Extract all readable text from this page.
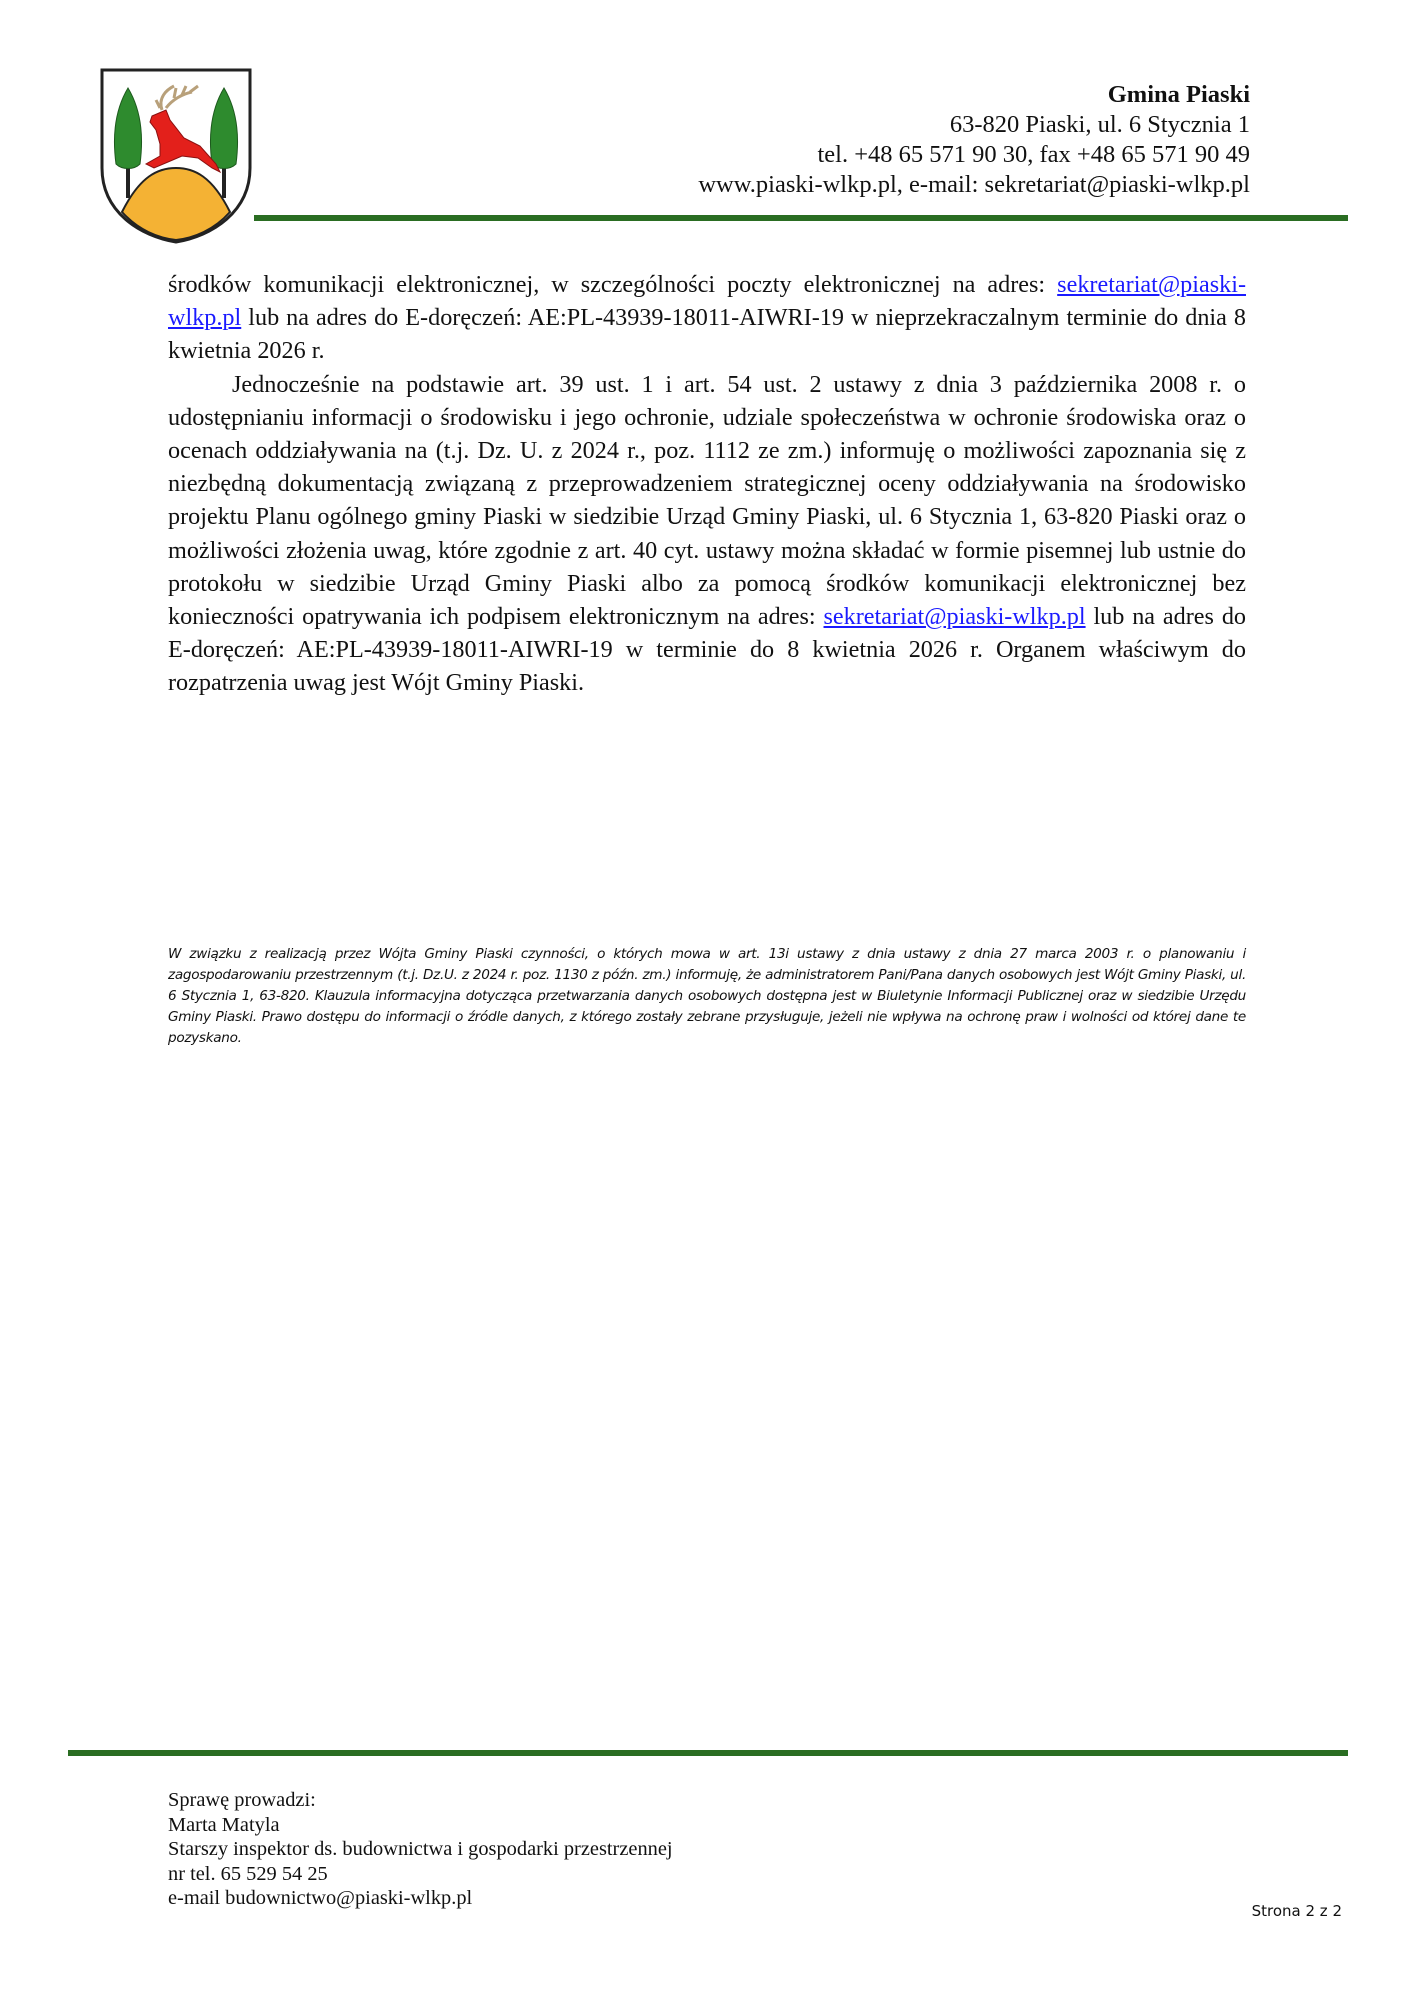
Gmina Piaski
63-820 Piaski, ul. 6 Stycznia 1
tel. +48 65 571 90 30, fax +48 65 571 90 49
www.piaski-wlkp.pl, e-mail: sekretariat@piaski-wlkp.pl

środków komunikacji elektronicznej, w szczególności poczty elektronicznej na adres: sekretariat@piaski-wlkp.pl lub na adres do E-doręczeń: AE:PL-43939-18011-AIWRI-19 w nieprzekraczalnym terminie do dnia 8 kwietnia 2026 r.

Jednocześnie na podstawie art. 39 ust. 1 i art. 54 ust. 2 ustawy z dnia 3 października 2008 r. o udostępnianiu informacji o środowisku i jego ochronie, udziale społeczeństwa w ochronie środowiska oraz o ocenach oddziaływania na (t.j. Dz. U. z 2024 r., poz. 1112 ze zm.) informuję o możliwości zapoznania się z niezbędną dokumentacją związaną z przeprowadzeniem strategicznej oceny oddziaływania na środowisko projektu Planu ogólnego gminy Piaski w siedzibie Urząd Gminy Piaski, ul. 6 Stycznia 1, 63-820 Piaski oraz o możliwości złożenia uwag, które zgodnie z art. 40 cyt. ustawy można składać w formie pisemnej lub ustnie do protokołu w siedzibie Urząd Gminy Piaski albo za pomocą środków komunikacji elektronicznej bez konieczności opatrywania ich podpisem elektronicznym na adres: sekretariat@piaski-wlkp.pl lub na adres do E-doręczeń: AE:PL-43939-18011-AIWRI-19 w terminie do 8 kwietnia 2026 r. Organem właściwym do rozpatrzenia uwag jest Wójt Gminy Piaski.

W związku z realizacją przez Wójta Gminy Piaski czynności, o których mowa w art. 13i ustawy z dnia ustawy z dnia 27 marca 2003 r. o planowaniu i zagospodarowaniu przestrzennym (t.j. Dz.U. z 2024 r. poz. 1130 z późn. zm.) informuję, że administratorem Pani/Pana danych osobowych jest Wójt Gminy Piaski, ul. 6 Stycznia 1, 63-820. Klauzula informacyjna dotycząca przetwarzania danych osobowych dostępna jest w Biuletynie Informacji Publicznej oraz w siedzibie Urzędu Gminy Piaski. Prawo dostępu do informacji o źródle danych, z którego zostały zebrane przysługuje, jeżeli nie wpływa na ochronę praw i wolności od której dane te pozyskano.
Sprawę prowadzi:
Marta Matyla
Starszy inspektor ds. budownictwa i gospodarki przestrzennej
nr tel. 65 529 54 25
e-mail budownictwo@piaski-wlkp.pl
Strona 2 z 2
